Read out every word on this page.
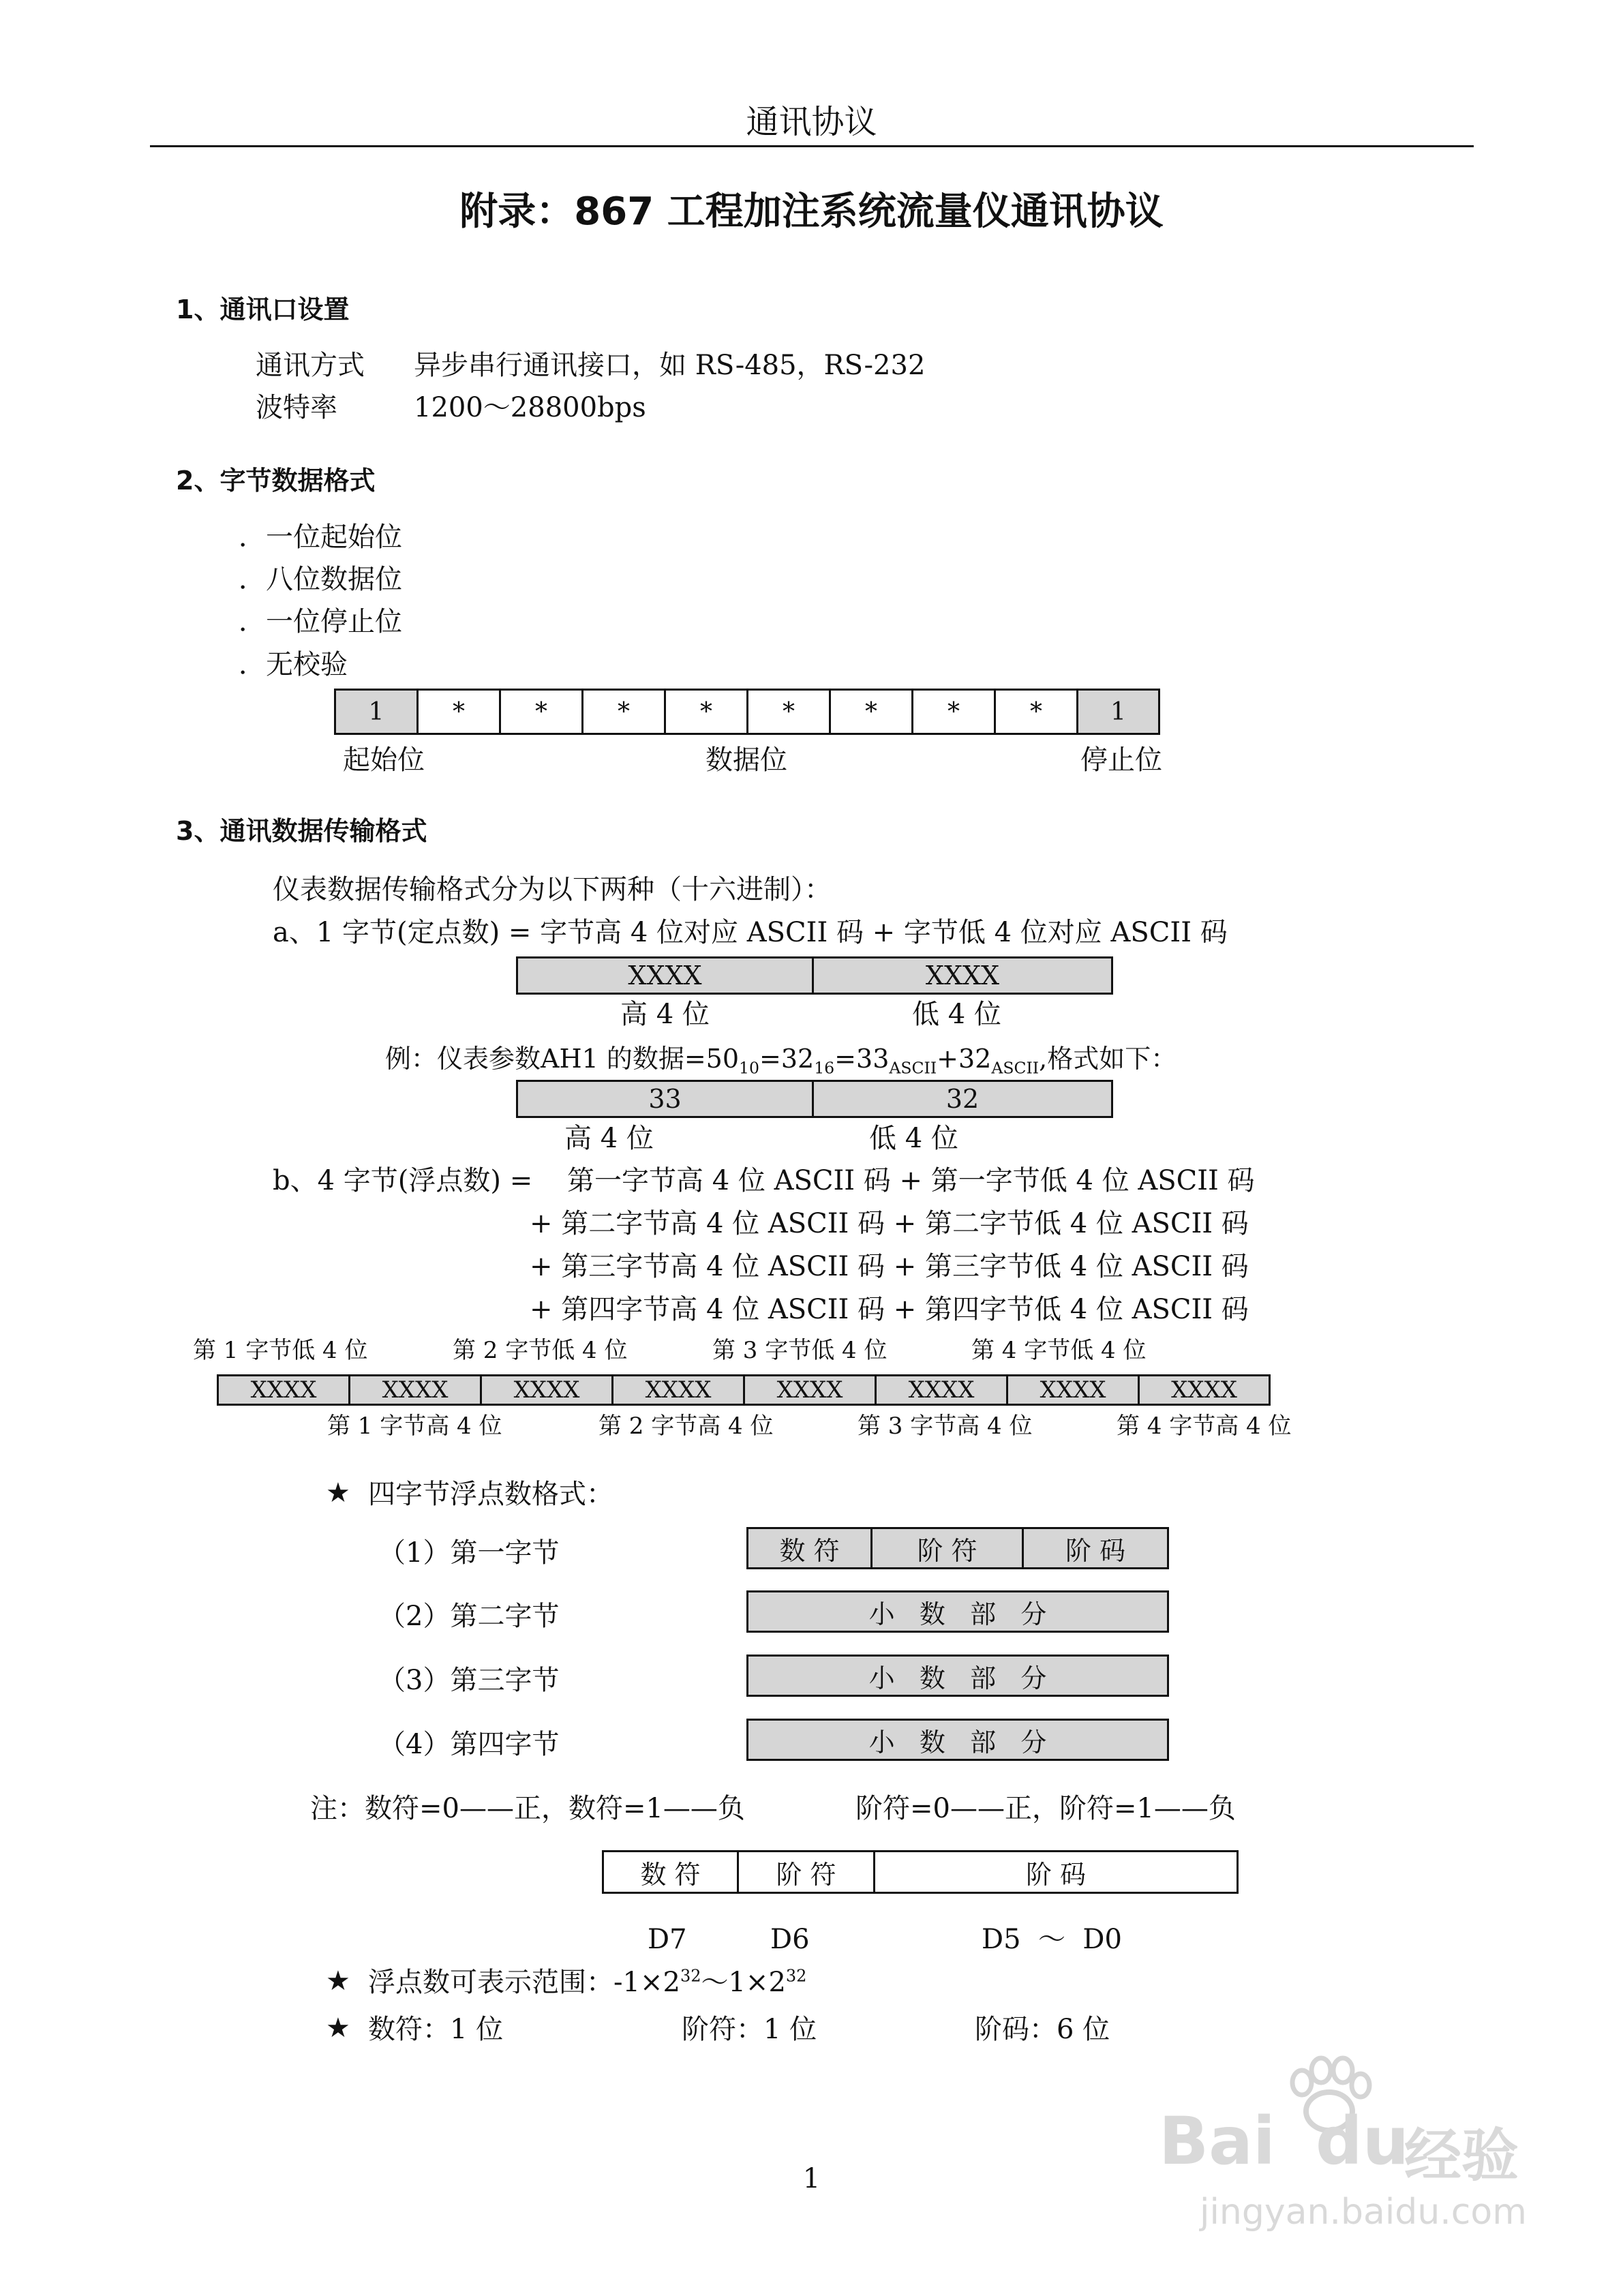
通讯协议
附录：867 工程加注系统流量仪通讯协议
1、通讯口设置
通讯方式 异步串行通讯接口，如 RS-485，RS-232
波特率	1200～28800bps
2、字节数据格式
．一位起始位
．八位数据位
．一位停止位
．无校验
1	*	*	*	*	*	*	*	*	1
起始位	数据位	停止位
3、通讯数据传输格式
仪表数据传输格式分为以下两种（十六进制）：
a、1 字节(定点数) = 字节高 4 位对应 ASCII 码 + 字节低 4 位对应 ASCII 码
XXXX	XXXX
高 4 位	低 4 位
例：仪表参数AH1 的数据$=50_{10}=32_{16}=33_{ASCII}+32_{ASCII}$,格式如下：
33	32
高 4 位	低 4 位
b、4 字节(浮点数) = 第一字节高 4 位 ASCII 码 + 第一字节低 4 位 ASCII 码
+ 第二字节高 4 位 ASCII 码 + 第二字节低 4 位 ASCII 码
+ 第三字节高 4 位 ASCII 码 + 第三字节低 4 位 ASCII 码
+ 第四字节高 4 位 ASCII 码 + 第四字节低 4 位 ASCII 码
第 1 字节低 4 位	第 2 字节低 4 位	第 3 字节低 4 位	第 4 字节低 4 位
XXXX	XXXX	XXXX	XXXX	XXXX	XXXX	XXXX	XXXX
第 1 字节高 4 位	第 2 字节高 4 位	第 3 字节高 4 位	第 4 字节高 4 位
★ 四字节浮点数格式：
（1）第一字节	数 符	阶 符	阶 码
（2）第二字节	小   数   部   分
（3）第三字节	小   数   部   分
（4）第四字节	小   数   部   分
注：数符=0——正，数符=1——负	阶符=0——正，阶符=1——负
数 符	阶 符	阶 码
D7	D6	D5  ～  D0
★ 浮点数可表示范围：$-1\times 2^{32}\sim 1\times 2^{32}$
★ 数符：1 位	阶符：1 位	阶码：6 位
1	Bai du
经验
jingyan.baidu.com
